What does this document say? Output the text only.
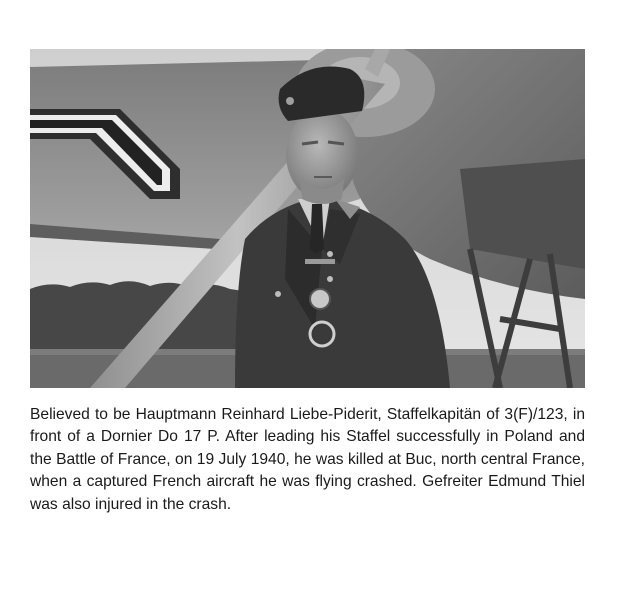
Believed to be Hauptmann Reinhard Liebe-Piderit, Staffelkapitän of 3(F)/123, in front of a Dornier Do 17 P. After leading his Staffel successfully in Poland and the Battle of France, on 19 July 1940, he was killed at Buc, north central France, when a captured French aircraft he was flying crashed. Gefreiter Edmund Thiel was also injured in the crash.
